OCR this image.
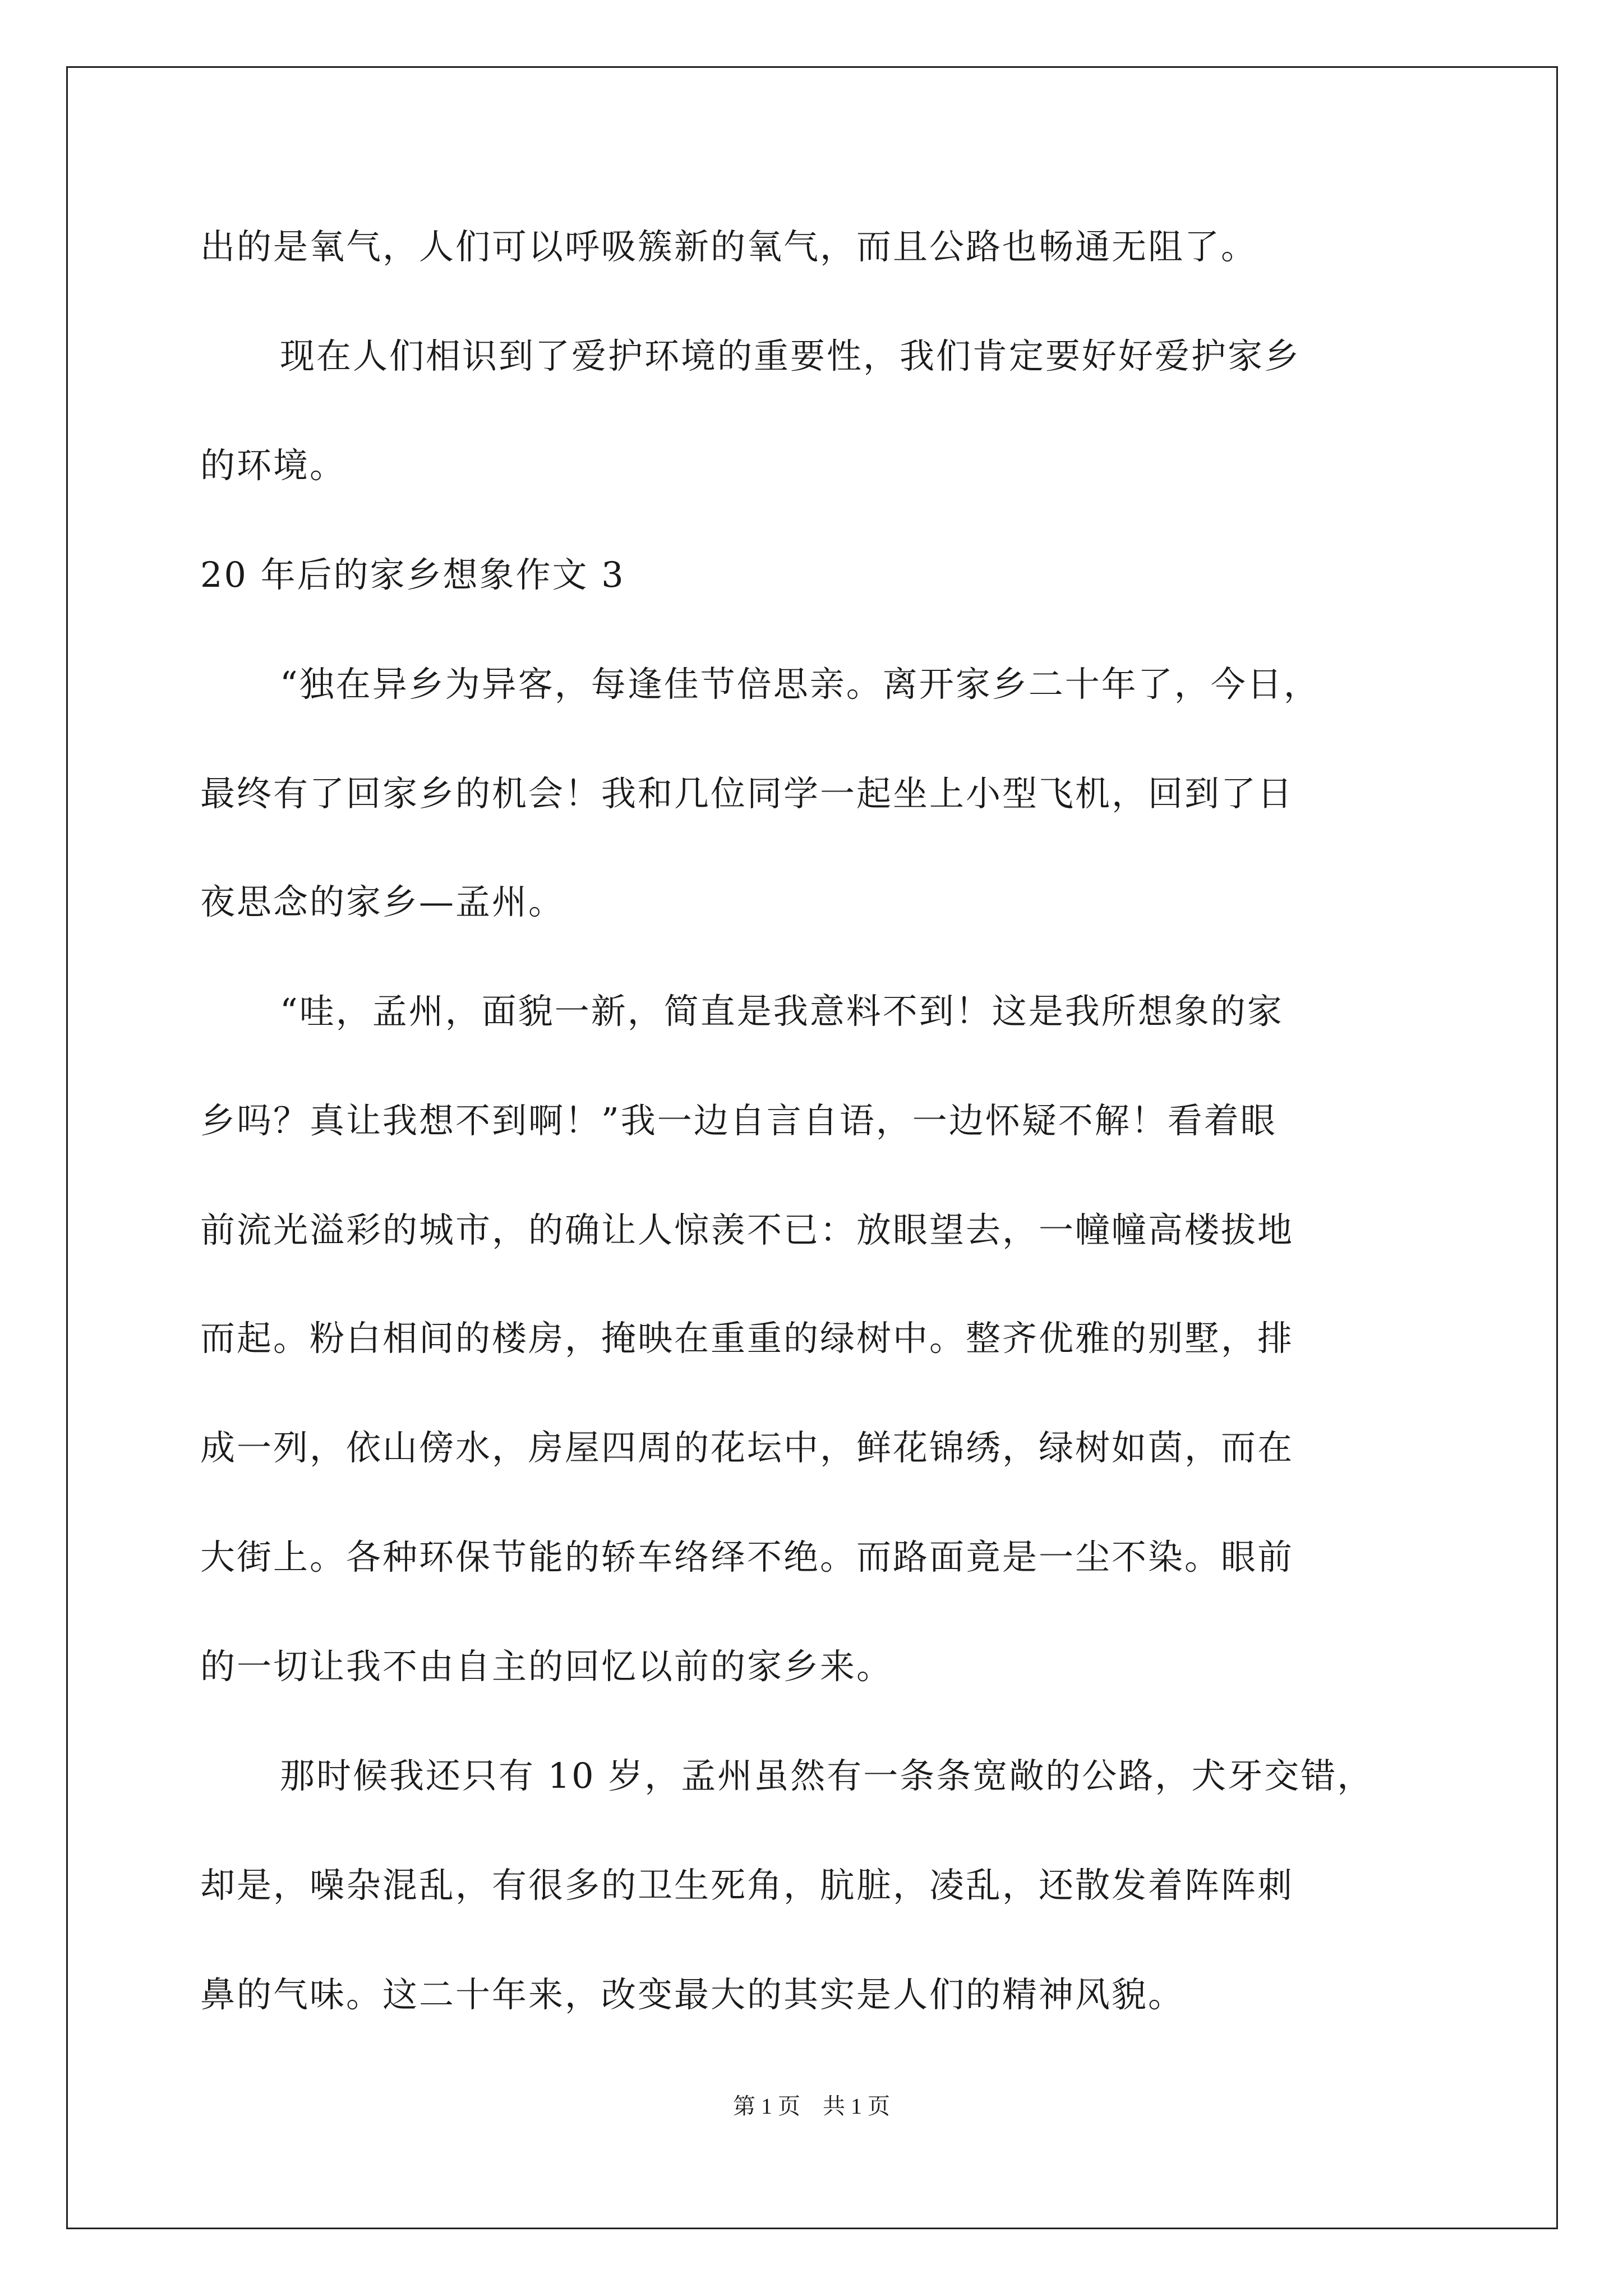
出的是氧气，人们可以呼吸簇新的氧气，而且公路也畅通无阻了。
现在人们相识到了爱护环境的重要性，我们肯定要好好爱护家乡
的环境。
20 年后的家乡想象作文 3
“独在异乡为异客，每逢佳节倍思亲。离开家乡二十年了，今日，
最终有了回家乡的机会！我和几位同学一起坐上小型飞机，回到了日
夜思念的家乡—孟州。
“哇，孟州，面貌一新，简直是我意料不到！这是我所想象的家
乡吗？真让我想不到啊！”我一边自言自语，一边怀疑不解！看着眼
前流光溢彩的城市，的确让人惊羡不已：放眼望去，一幢幢高楼拔地
而起。粉白相间的楼房，掩映在重重的绿树中。整齐优雅的别墅，排
成一列，依山傍水，房屋四周的花坛中，鲜花锦绣，绿树如茵，而在
大街上。各种环保节能的轿车络绎不绝。而路面竟是一尘不染。眼前
的一切让我不由自主的回忆以前的家乡来。
那时候我还只有 10 岁，孟州虽然有一条条宽敞的公路，犬牙交错，
却是，噪杂混乱，有很多的卫生死角，肮脏，凌乱，还散发着阵阵刺
鼻的气味。这二十年来，改变最大的其实是人们的精神风貌。
第 1 页    共 1 页
